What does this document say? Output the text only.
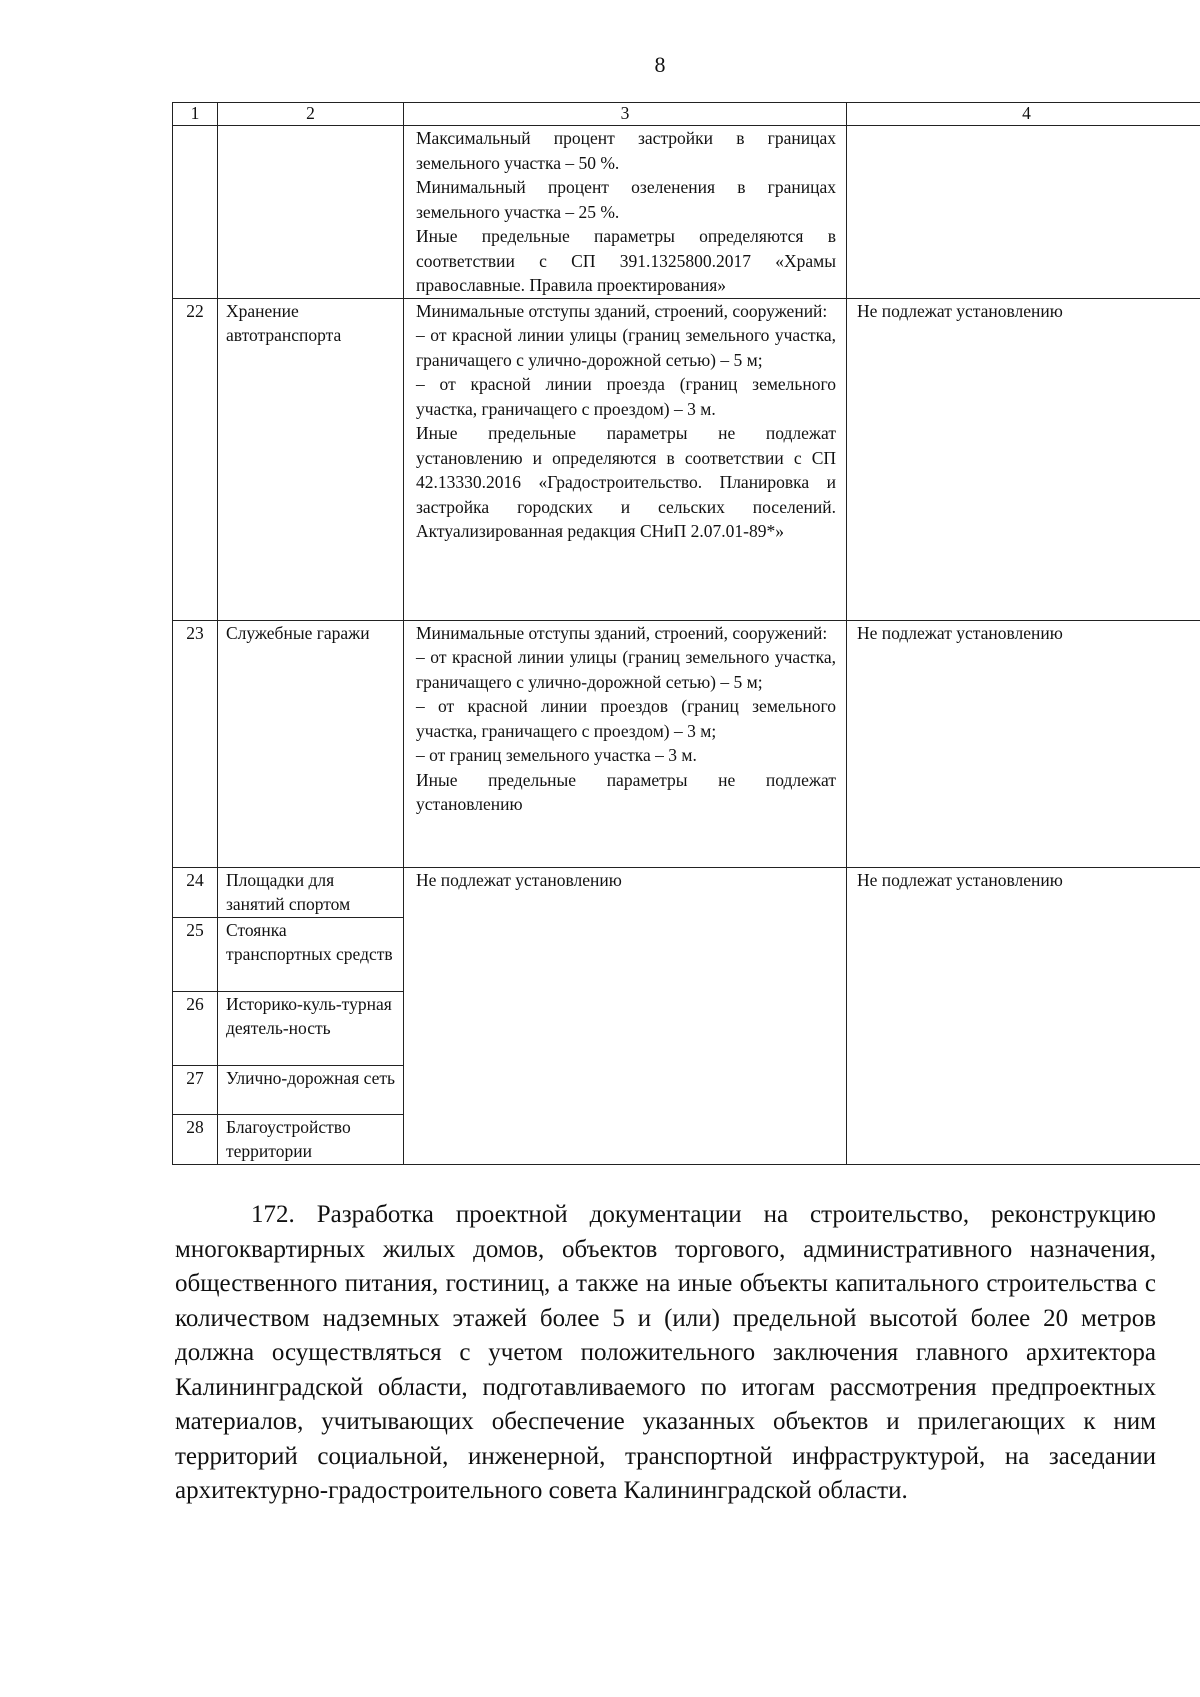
8
1	2	3	4

		Максимальный процент застройки в границах земельного участка – 50 %.

Минимальный процент озеленения в границах земельного участка – 25 %.

Иные предельные параметры определяются в соответствии с СП 391.1325800.2017 «Храмы православные. Правила проектирования»	

22	Хранение автотранспорта	Минимальные отступы зданий, строений, сооружений:

– от красной линии улицы (границ земельного участка, граничащего с улично-дорожной сетью) – 5 м;

– от красной линии проезда (границ земельного участка, граничащего с проездом) – 3 м.

Иные предельные параметры не подлежат установлению и определяются в соответствии с СП 42.13330.2016 «Градостроительство. Планировка и застройка городских и сельских поселений. Актуализированная редакция СНиП 2.07.01-89*»	Не подлежат установлению
23	Служебные гаражи	Минимальные отступы зданий, строений, сооружений:

– от красной линии улицы (границ земельного участка, граничащего с улично-дорожной сетью) – 5 м;

– от красной линии проездов (границ земельного участка, граничащего с проездом) – 3 м;

– от границ земельного участка – 3 м.

Иные предельные параметры не подлежат установлению	Не подлежат установлению
24	Площадки для занятий спортом	Не подлежат установлению	Не подлежат установлению
25	Стоянка транспортных средств		
26	Историко-куль-турная деятель-ность		
27	Улично-дорожная сеть		
28	Благоустройство территории		

172. Разработка проектной документации на строительство, реконструкцию многоквартирных жилых домов, объектов торгового, административного назначения, общественного питания, гостиниц, а также на иные объекты капитального строительства с количеством надземных этажей более 5 и (или) предельной высотой более 20 метров должна осуществляться с учетом положительного заключения главного архитектора Калининградской области, подготавливаемого по итогам рассмотрения предпроектных материалов, учитывающих обеспечение указанных объектов и прилегающих к ним территорий социальной, инженерной, транспортной инфраструктурой, на заседании архитектурно-градостроительного совета Калининградской области.
